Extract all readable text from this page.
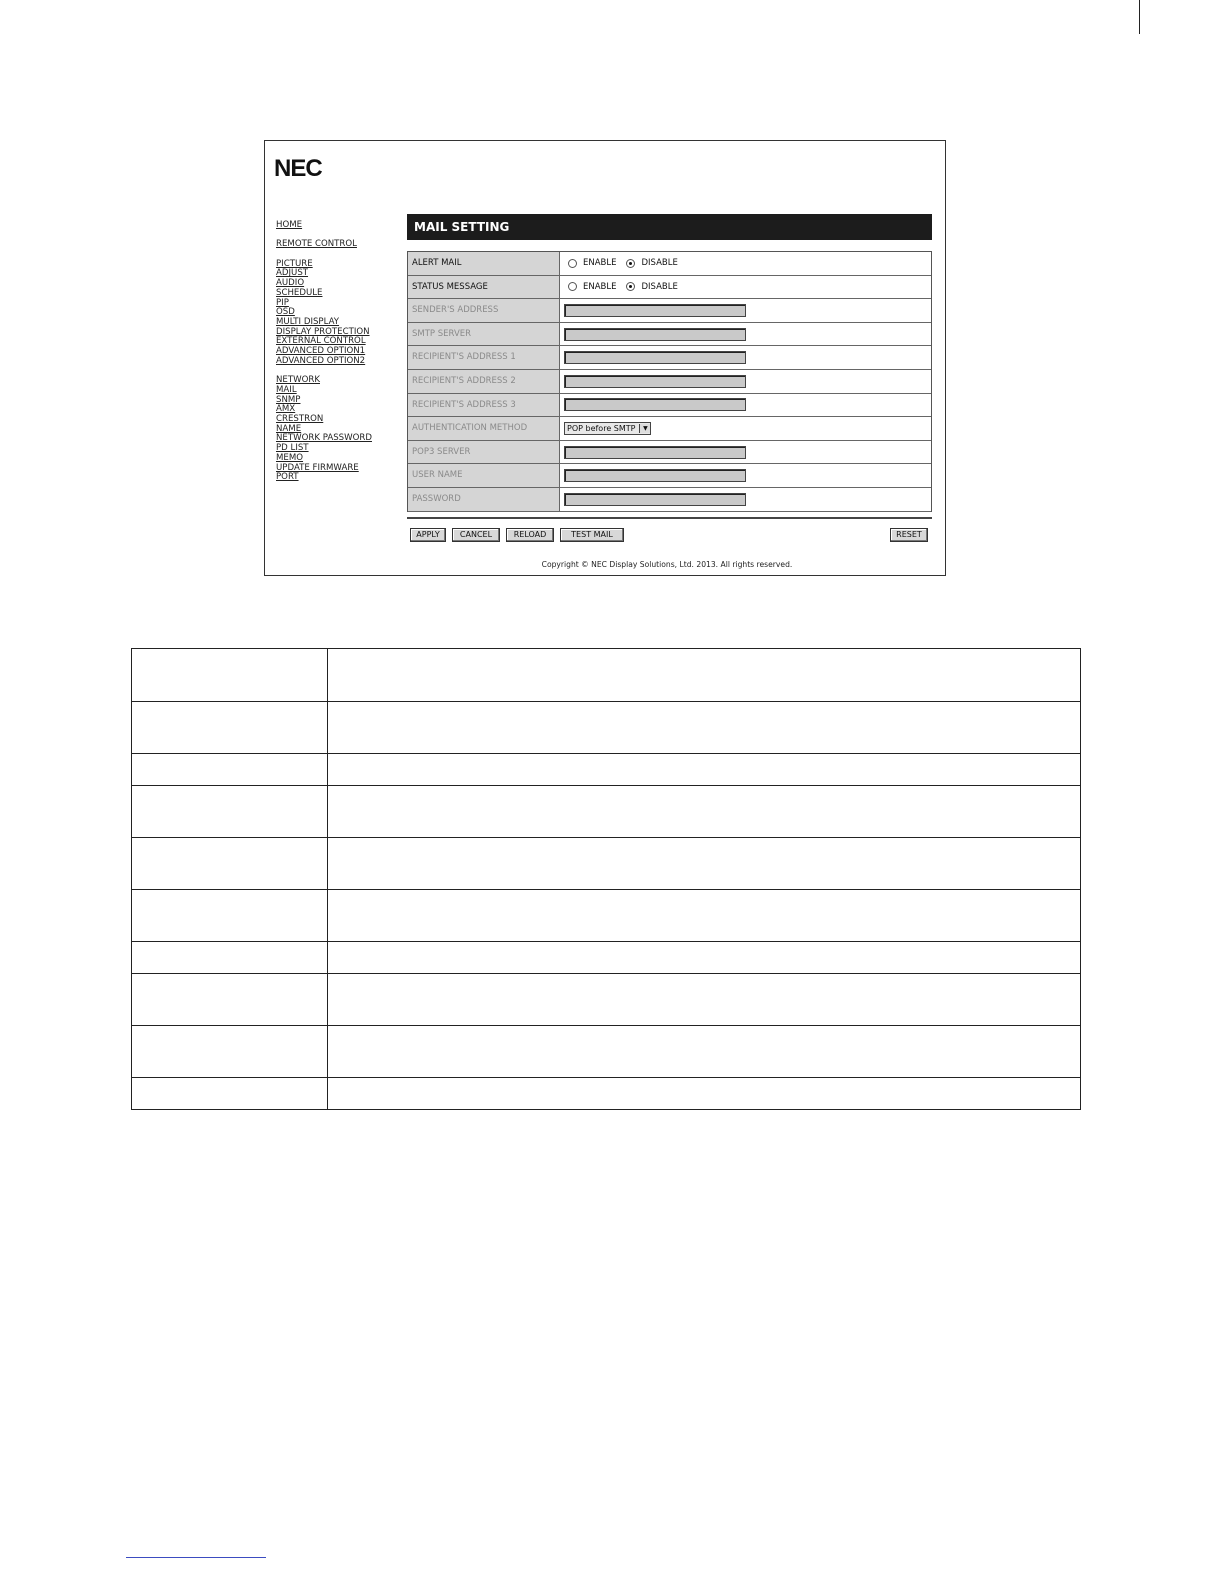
NEC
HOME
REMOTE CONTROL
PICTURE
ADJUST
AUDIO
SCHEDULE
PIP
OSD
MULTI DISPLAY
DISPLAY PROTECTION
EXTERNAL CONTROL
ADVANCED OPTION1
ADVANCED OPTION2
NETWORK
MAIL
SNMP
AMX
CRESTRON
NAME
NETWORK PASSWORD
PD LIST
MEMO
UPDATE FIRMWARE
PORT
MAIL SETTING
ALERT MAIL	ENABLE	DISABLE
STATUS MESSAGE	ENABLE	DISABLE
SENDER'S ADDRESS
SMTP SERVER
RECIPIENT'S ADDRESS 1
RECIPIENT'S ADDRESS 2
RECIPIENT'S ADDRESS 3
AUTHENTICATION METHOD	POP before SMTP	▼
POP3 SERVER
USER NAME
PASSWORD
APPLY	CANCEL	RELOAD	TEST MAIL	RESET
Copyright © NEC Display Solutions, Ltd. 2013. All rights reserved.
